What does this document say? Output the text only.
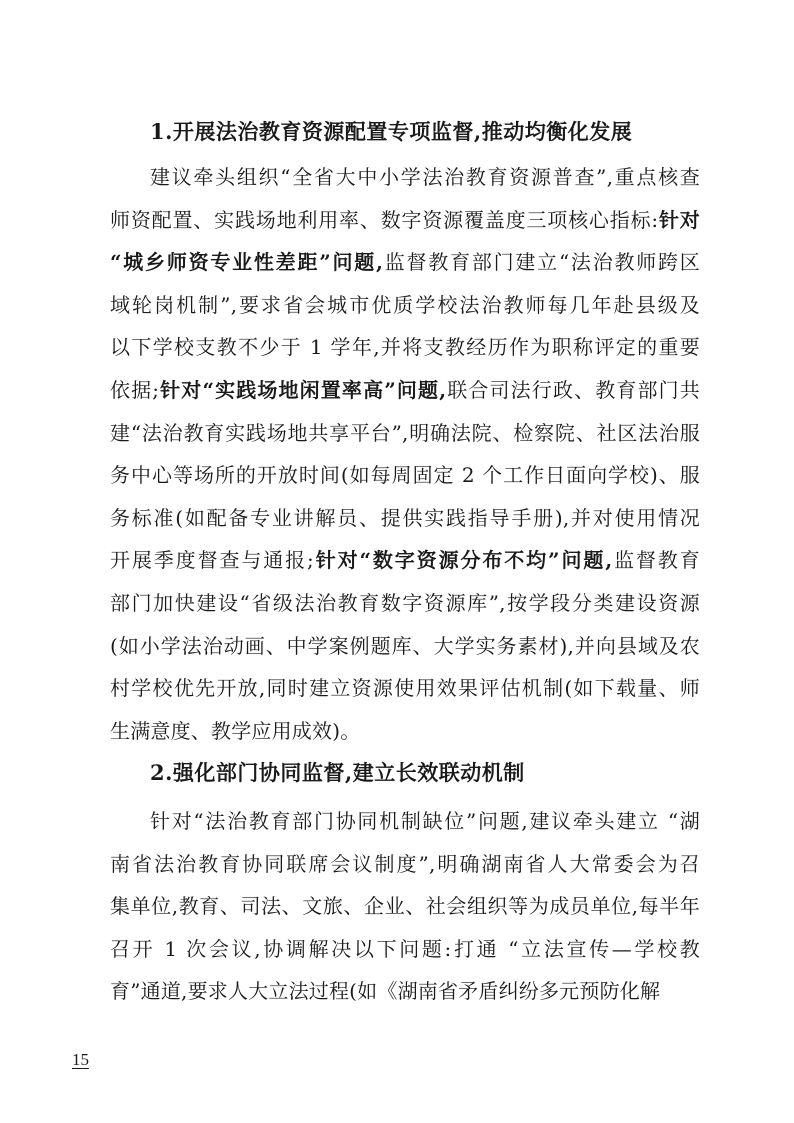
1.开展法治教育资源配置专项监督,推动均衡化发展
建议牵头组织“全省大中小学法治教育资源普查”,重点核查
师资配置、实践场地利用率、数字资源覆盖度三项核心指标:针对
“城乡师资专业性差距”问题,监督教育部门建立“法治教师跨区
域轮岗机制”,要求省会城市优质学校法治教师每几年赴县级及
以下学校支教不少于 1 学年,并将支教经历作为职称评定的重要
依据;针对“实践场地闲置率高”问题,联合司法行政、教育部门共
建“法治教育实践场地共享平台”,明确法院、检察院、社区法治服
务中心等场所的开放时间(如每周固定 2 个工作日面向学校)、服
务标准(如配备专业讲解员、提供实践指导手册),并对使用情况
开展季度督查与通报;针对“数字资源分布不均”问题,监督教育
部门加快建设“省级法治教育数字资源库”,按学段分类建设资源
(如小学法治动画、中学案例题库、大学实务素材),并向县域及农
村学校优先开放,同时建立资源使用效果评估机制(如下载量、师
生满意度、教学应用成效)。
2.强化部门协同监督,建立长效联动机制
针对“法治教育部门协同机制缺位”问题,建议牵头建立 “湖
南省法治教育协同联席会议制度”,明确湖南省人大常委会为召
集单位,教育、司法、文旅、企业、社会组织等为成员单位,每半年
召开 1 次会议,协调解决以下问题:打通 “立法宣传—学校教
育”通道,要求人大立法过程(如《湖南省矛盾纠纷多元预防化解
15
